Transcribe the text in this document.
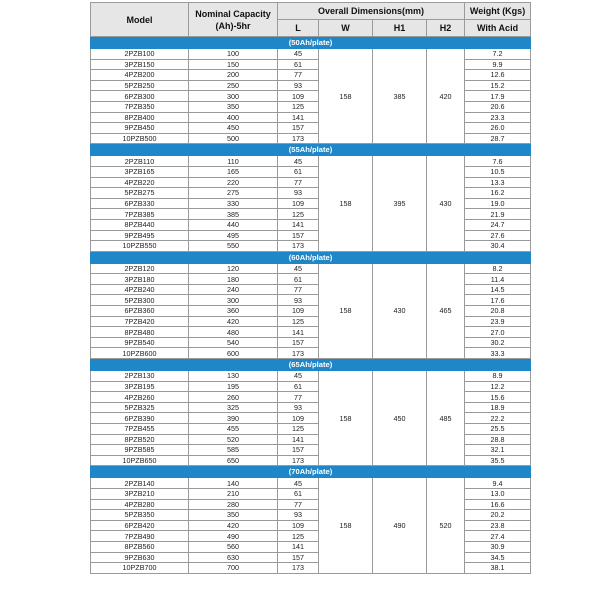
Model	Nominal Capacity (Ah)-5hr	Overall Dimensions(mm)				Weight (Kgs)
		L	W	H1	H2	With Acid
(50Ah/plate)						
2PZB100	100	45	158	385	420	7.2
3PZB150	150	61				9.9
4PZB200	200	77				12.6
5PZB250	250	93				15.2
6PZB300	300	109				17.9
7PZB350	350	125				20.6
8PZB400	400	141				23.3
9PZB450	450	157				26.0
10PZB500	500	173				28.7
(55Ah/plate)						
2PZB110	110	45	158	395	430	7.6
3PZB165	165	61				10.5
4PZB220	220	77				13.3
5PZB275	275	93				16.2
6PZB330	330	109				19.0
7PZB385	385	125				21.9
8PZB440	440	141				24.7
9PZB495	495	157				27.6
10PZB550	550	173				30.4
(60Ah/plate)						
2PZB120	120	45	158	430	465	8.2
3PZB180	180	61				11.4
4PZB240	240	77				14.5
5PZB300	300	93				17.6
6PZB360	360	109				20.8
7PZB420	420	125				23.9
8PZB480	480	141				27.0
9PZB540	540	157				30.2
10PZB600	600	173				33.3
(65Ah/plate)						
2PZB130	130	45	158	450	485	8.9
3PZB195	195	61				12.2
4PZB260	260	77				15.6
5PZB325	325	93				18.9
6PZB390	390	109				22.2
7PZB455	455	125				25.5
8PZB520	520	141				28.8
9PZB585	585	157				32.1
10PZB650	650	173				35.5
(70Ah/plate)						
2PZB140	140	45	158	490	520	9.4
3PZB210	210	61				13.0
4PZB280	280	77				16.6
5PZB350	350	93				20.2
6PZB420	420	109				23.8
7PZB490	490	125				27.4
8PZB560	560	141				30.9
9PZB630	630	157				34.5
10PZB700	700	173				38.1
